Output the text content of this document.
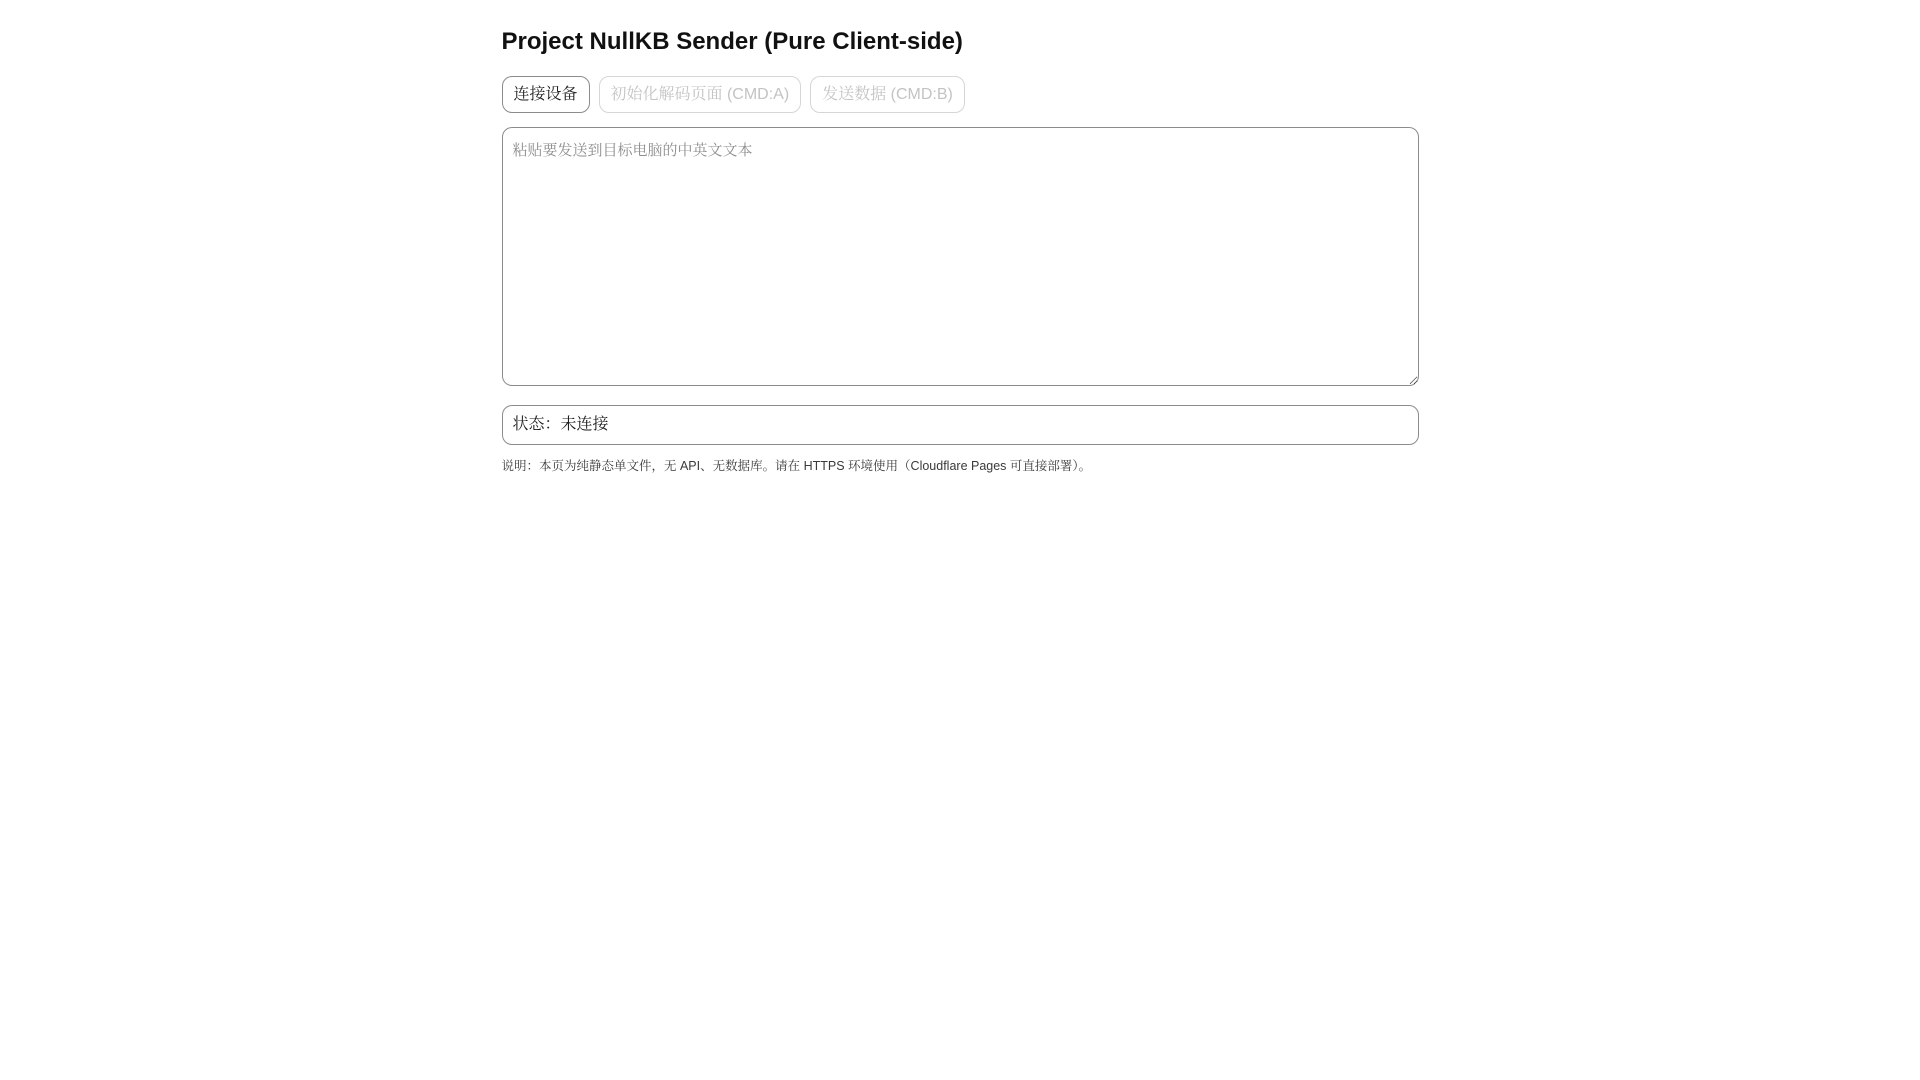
Project NullKB Sender (Pure Client-side)
连接设备	初始化解码页面 (CMD:A)	发送数据 (CMD:B)
粘贴要发送到目标电脑的中英文文本
状态：未连接
说明：本页为纯静态单文件，无 API、无数据库。请在 HTTPS 环境使用（Cloudflare Pages 可直接部署）。
